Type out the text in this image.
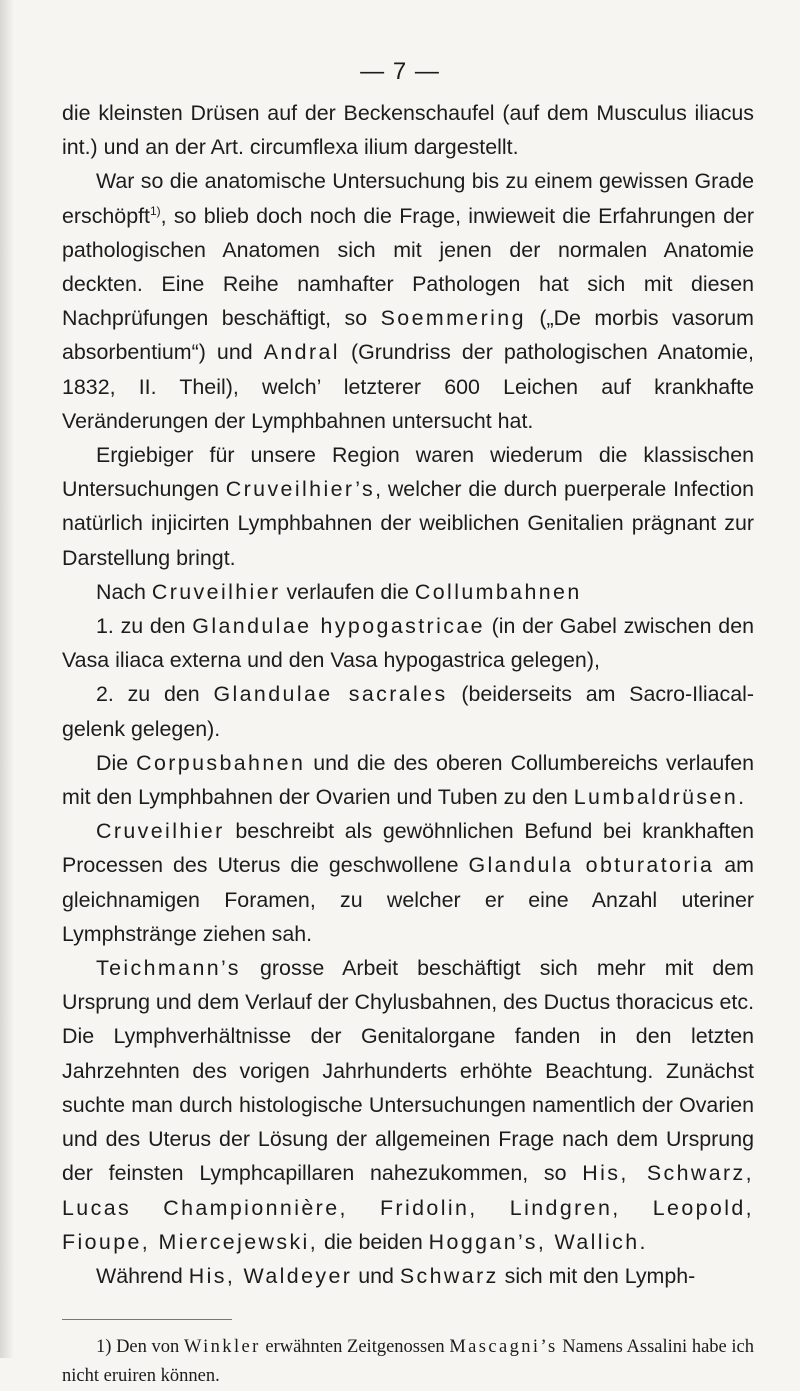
— 7 —

die kleinsten Drüsen auf der Beckenschaufel (auf dem Musculus iliacus int.) und an der Art. circumflexa ilium dargestellt.

War so die anatomische Untersuchung bis zu einem gewissen Grade erschöpft$^{1)}$, so blieb doch noch die Frage, inwieweit die Erfahrungen der pathologischen Anatomen sich mit jenen der normalen Anatomie deckten. Eine Reihe namhafter Pathologen hat sich mit diesen Nachprüfungen beschäftigt, so Soemmering („De morbis vasorum absorbentium“) und Andral (Grundriss der pathologischen Anatomie, 1832, II. Theil), welch’ letzterer 600 Leichen auf krankhafte Veränderungen der Lymphbahnen untersucht hat.

Ergiebiger für unsere Region waren wiederum die klassischen Untersuchungen Cruveilhier’s, welcher die durch puerperale Infection natürlich injicirten Lymphbahnen der weiblichen Genitalien prägnant zur Darstellung bringt.

Nach Cruveilhier verlaufen die Collumbahnen

1. zu den Glandulae hypogastricae (in der Gabel zwischen den Vasa iliaca externa und den Vasa hypogastrica gelegen),

2. zu den Glandulae sacrales (beiderseits am Sacro-Iliacalgelenk gelegen).

Die Corpusbahnen und die des oberen Collumbereichs verlaufen mit den Lymphbahnen der Ovarien und Tuben zu den Lumbaldrüsen.

Cruveilhier beschreibt als gewöhnlichen Befund bei krankhaften Processen des Uterus die geschwollene Glandula obturatoria am gleichnamigen Foramen, zu welcher er eine Anzahl uteriner Lymphstränge ziehen sah.

Teichmann’s grosse Arbeit beschäftigt sich mehr mit dem Ursprung und dem Verlauf der Chylusbahnen, des Ductus thoracicus etc. Die Lymphverhältnisse der Genitalorgane fanden in den letzten Jahrzehnten des vorigen Jahrhunderts erhöhte Beachtung. Zunächst suchte man durch histologische Untersuchungen namentlich der Ovarien und des Uterus der Lösung der allgemeinen Frage nach dem Ursprung der feinsten Lymphcapillaren nahezukommen, so His, Schwarz, Lucas Championnière, Fridolin, Lindgren, Leopold, Fioupe, Miercejewski, die beiden Hoggan’s, Wallich.

Während His, Waldeyer und Schwarz sich mit den Lymph-

1) Den von Winkler erwähnten Zeitgenossen Mascagni’s Namens Assalini habe ich nicht eruiren können.
